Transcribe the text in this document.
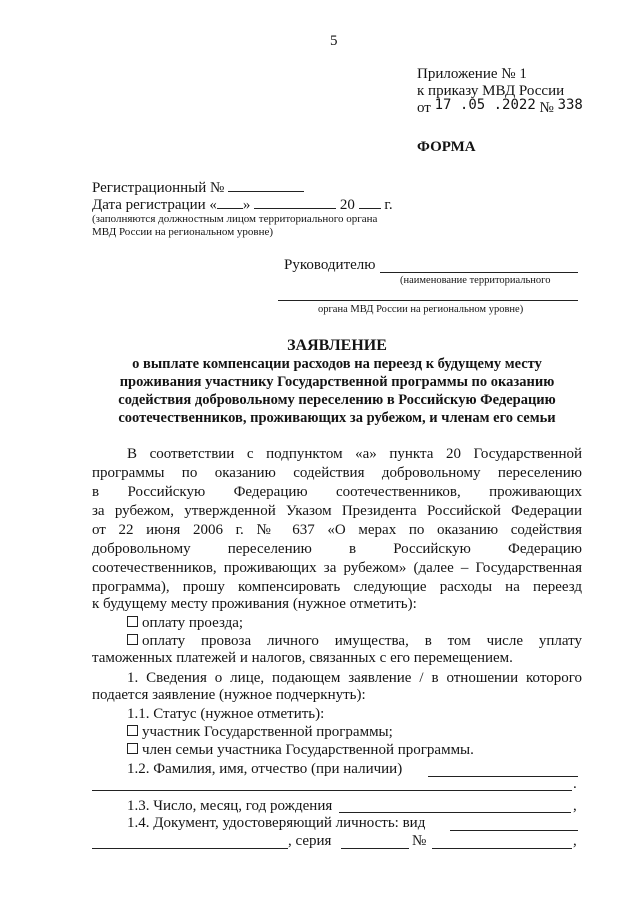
5
Приложение № 1
к приказу МВД России
от 17 .05 .2022 № 338
ФОРМА
Регистрационный №
Дата регистрации « »	20 г.
(заполняются должностным лицом территориального органа
МВД России на региональном уровне)
Руководителю
(наименование территориального
органа МВД России на региональном уровне)
ЗАЯВЛЕНИЕ
о выплате компенсации расходов на переезд к будущему месту
проживания участнику Государственной программы по оказанию
содействия добровольному переселению в Российскую Федерацию
соотечественников, проживающих за рубежом, и членам его семьи
В соответствии с подпунктом «а» пункта 20 Государственной
программы по оказанию содействия добровольному переселению
в Российскую Федерацию соотечественников, проживающих
за рубежом, утвержденной Указом Президента Российской Федерации
от 22 июня 2006 г. № 637 «О мерах по оказанию содействия
добровольному переселению в Российскую Федерацию
соотечественников, проживающих за рубежом» (далее – Государственная
программа), прошу компенсировать следующие расходы на переезд
к будущему месту проживания (нужное отметить):
оплату проезда;
оплату провоза личного имущества, в том числе уплату
таможенных платежей и налогов, связанных с его перемещением.
1. Сведения о лице, подающем заявление / в отношении которого
подается заявление (нужное подчеркнуть):
1.1. Статус (нужное отметить):
участник Государственной программы;
член семьи участника Государственной программы.
1.2. Фамилия, имя, отчество (при наличии)
.
1.3. Число, месяц, год рождения	,
1.4. Документ, удостоверяющий личность: вид
, серия	№	,
